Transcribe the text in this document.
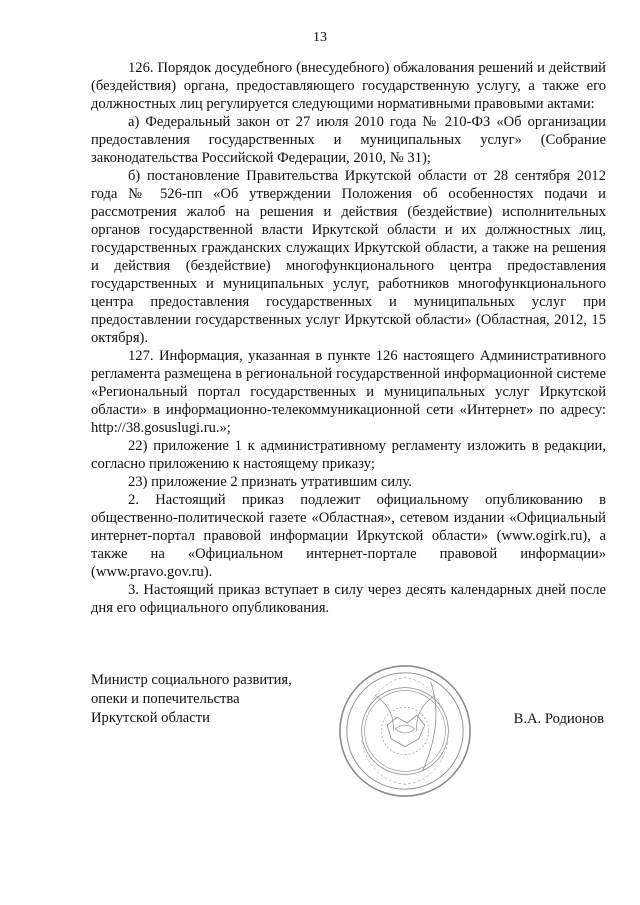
13

126. Порядок досудебного (внесудебного) обжалования решений и действий (бездействия) органа, предоставляющего государственную услугу, а также его должностных лиц регулируется следующими нормативными правовыми актами:

а) Федеральный закон от 27 июля 2010 года № 210-ФЗ «Об организации предоставления государственных и муниципальных услуг» (Собрание законодательства Российской Федерации, 2010, № 31);

б) постановление Правительства Иркутской области от 28 сентября 2012 года № 526-пп «Об утверждении Положения об особенностях подачи и рассмотрения жалоб на решения и действия (бездействие) исполнительных органов государственной власти Иркутской области и их должностных лиц, государственных гражданских служащих Иркутской области, а также на решения и действия (бездействие) многофункционального центра предоставления государственных и муниципальных услуг, работников многофункционального центра предоставления государственных и муниципальных услуг при предоставлении государственных услуг Иркутской области» (Областная, 2012, 15 октября).

127. Информация, указанная в пункте 126 настоящего Административного регламента размещена в региональной государственной информационной системе «Региональный портал государственных и муниципальных услуг Иркутской области» в информационно-телекоммуникационной сети «Интернет» по адресу: http://38.gosuslugi.ru.»;

22) приложение 1 к административному регламенту изложить в редакции, согласно приложению к настоящему приказу;

23) приложение 2 признать утратившим силу.

2. Настоящий приказ подлежит официальному опубликованию в общественно-политической газете «Областная», сетевом издании «Официальный интернет-портал правовой информации Иркутской области» (www.ogirk.ru), а также на «Официальном интернет-портале правовой информации» (www.pravo.gov.ru).

3. Настоящий приказ вступает в силу через десять календарных дней после дня его официального опубликования.

Министр социального развития,
опеки и попечительства
Иркутской области	В.А. Родионов
